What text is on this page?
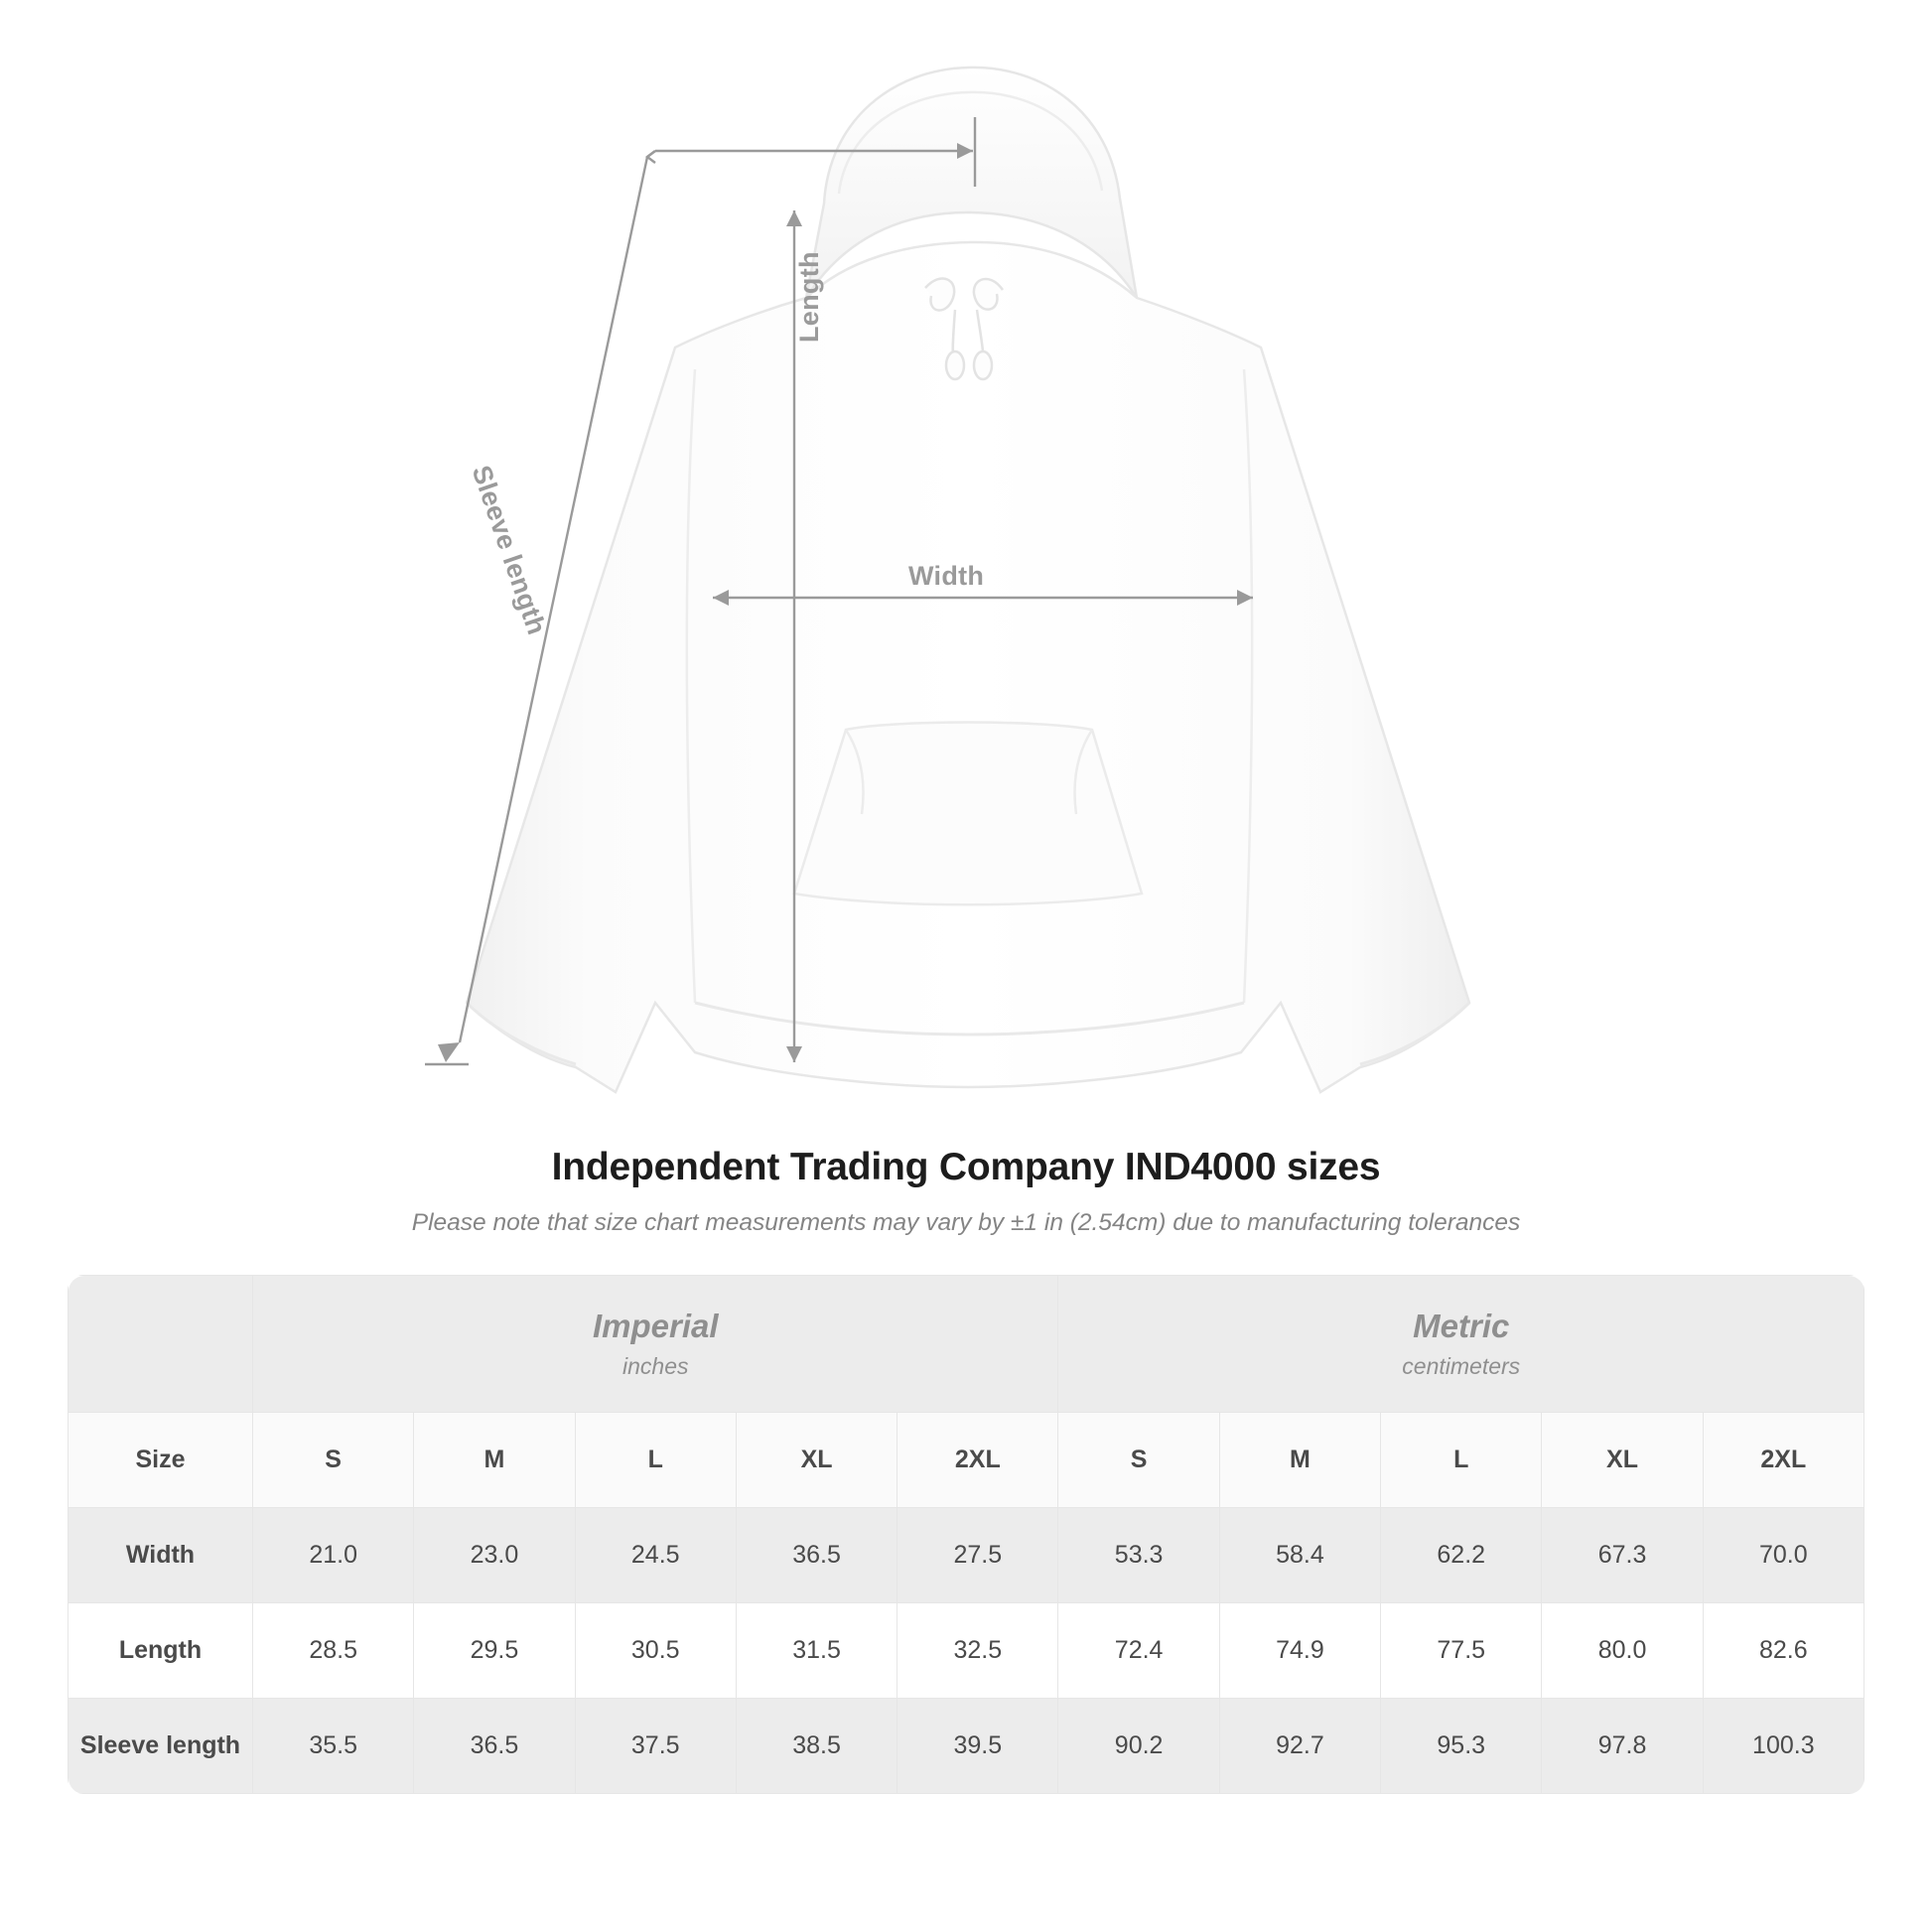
Width
Length
Sleeve length
Independent Trading Company IND4000 sizes
Please note that size chart measurements may vary by ±1 in (2.54cm) due to manufacturing tolerances

Imperial
inches

Metric
centimeters

Size	S	M	L	XL	2XL	S	M	L	XL	2XL
Width	21.0	23.0	24.5	36.5	27.5	53.3	58.4	62.2	67.3	70.0
Length	28.5	29.5	30.5	31.5	32.5	72.4	74.9	77.5	80.0	82.6
Sleeve length	35.5	36.5	37.5	38.5	39.5	90.2	92.7	95.3	97.8	100.3
